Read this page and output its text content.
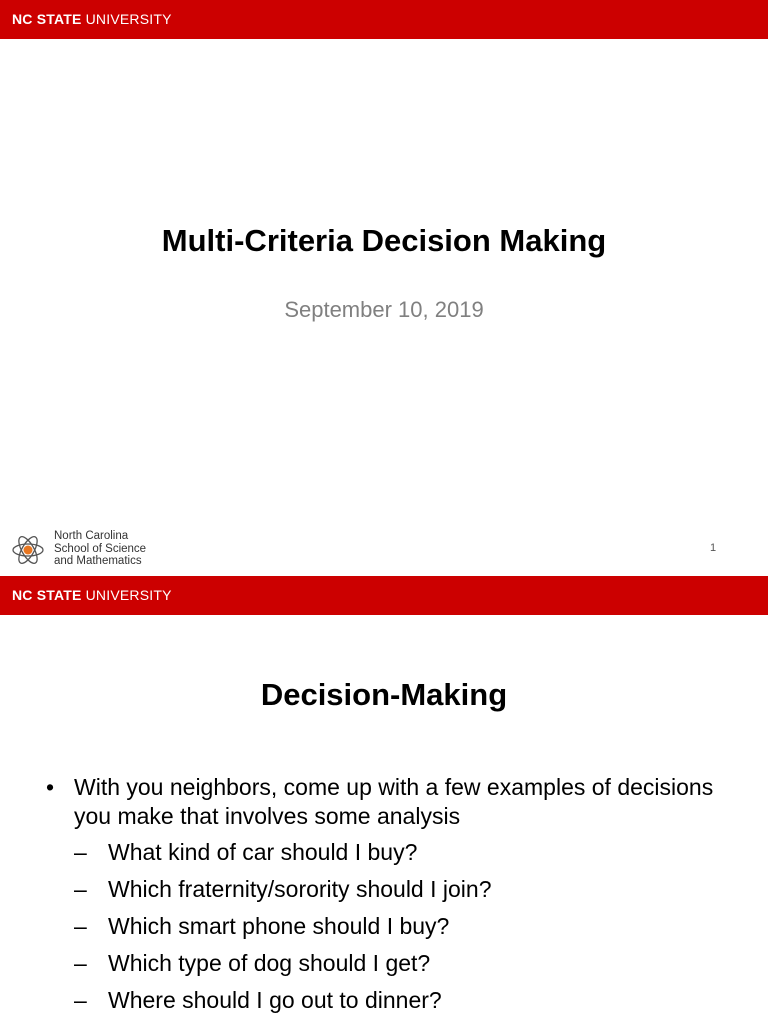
NC STATE UNIVERSITY
Multi-Criteria Decision Making
September 10, 2019
North Carolina
School of Science
and Mathematics
1
NC STATE UNIVERSITY
Decision-Making
• With you neighbors, come up with a few examples of decisions you make that involves some analysis
– What kind of car should I buy?
– Which fraternity/sorority should I join?
– Which smart phone should I buy?
– Which type of dog should I get?
– Where should I go out to dinner?
